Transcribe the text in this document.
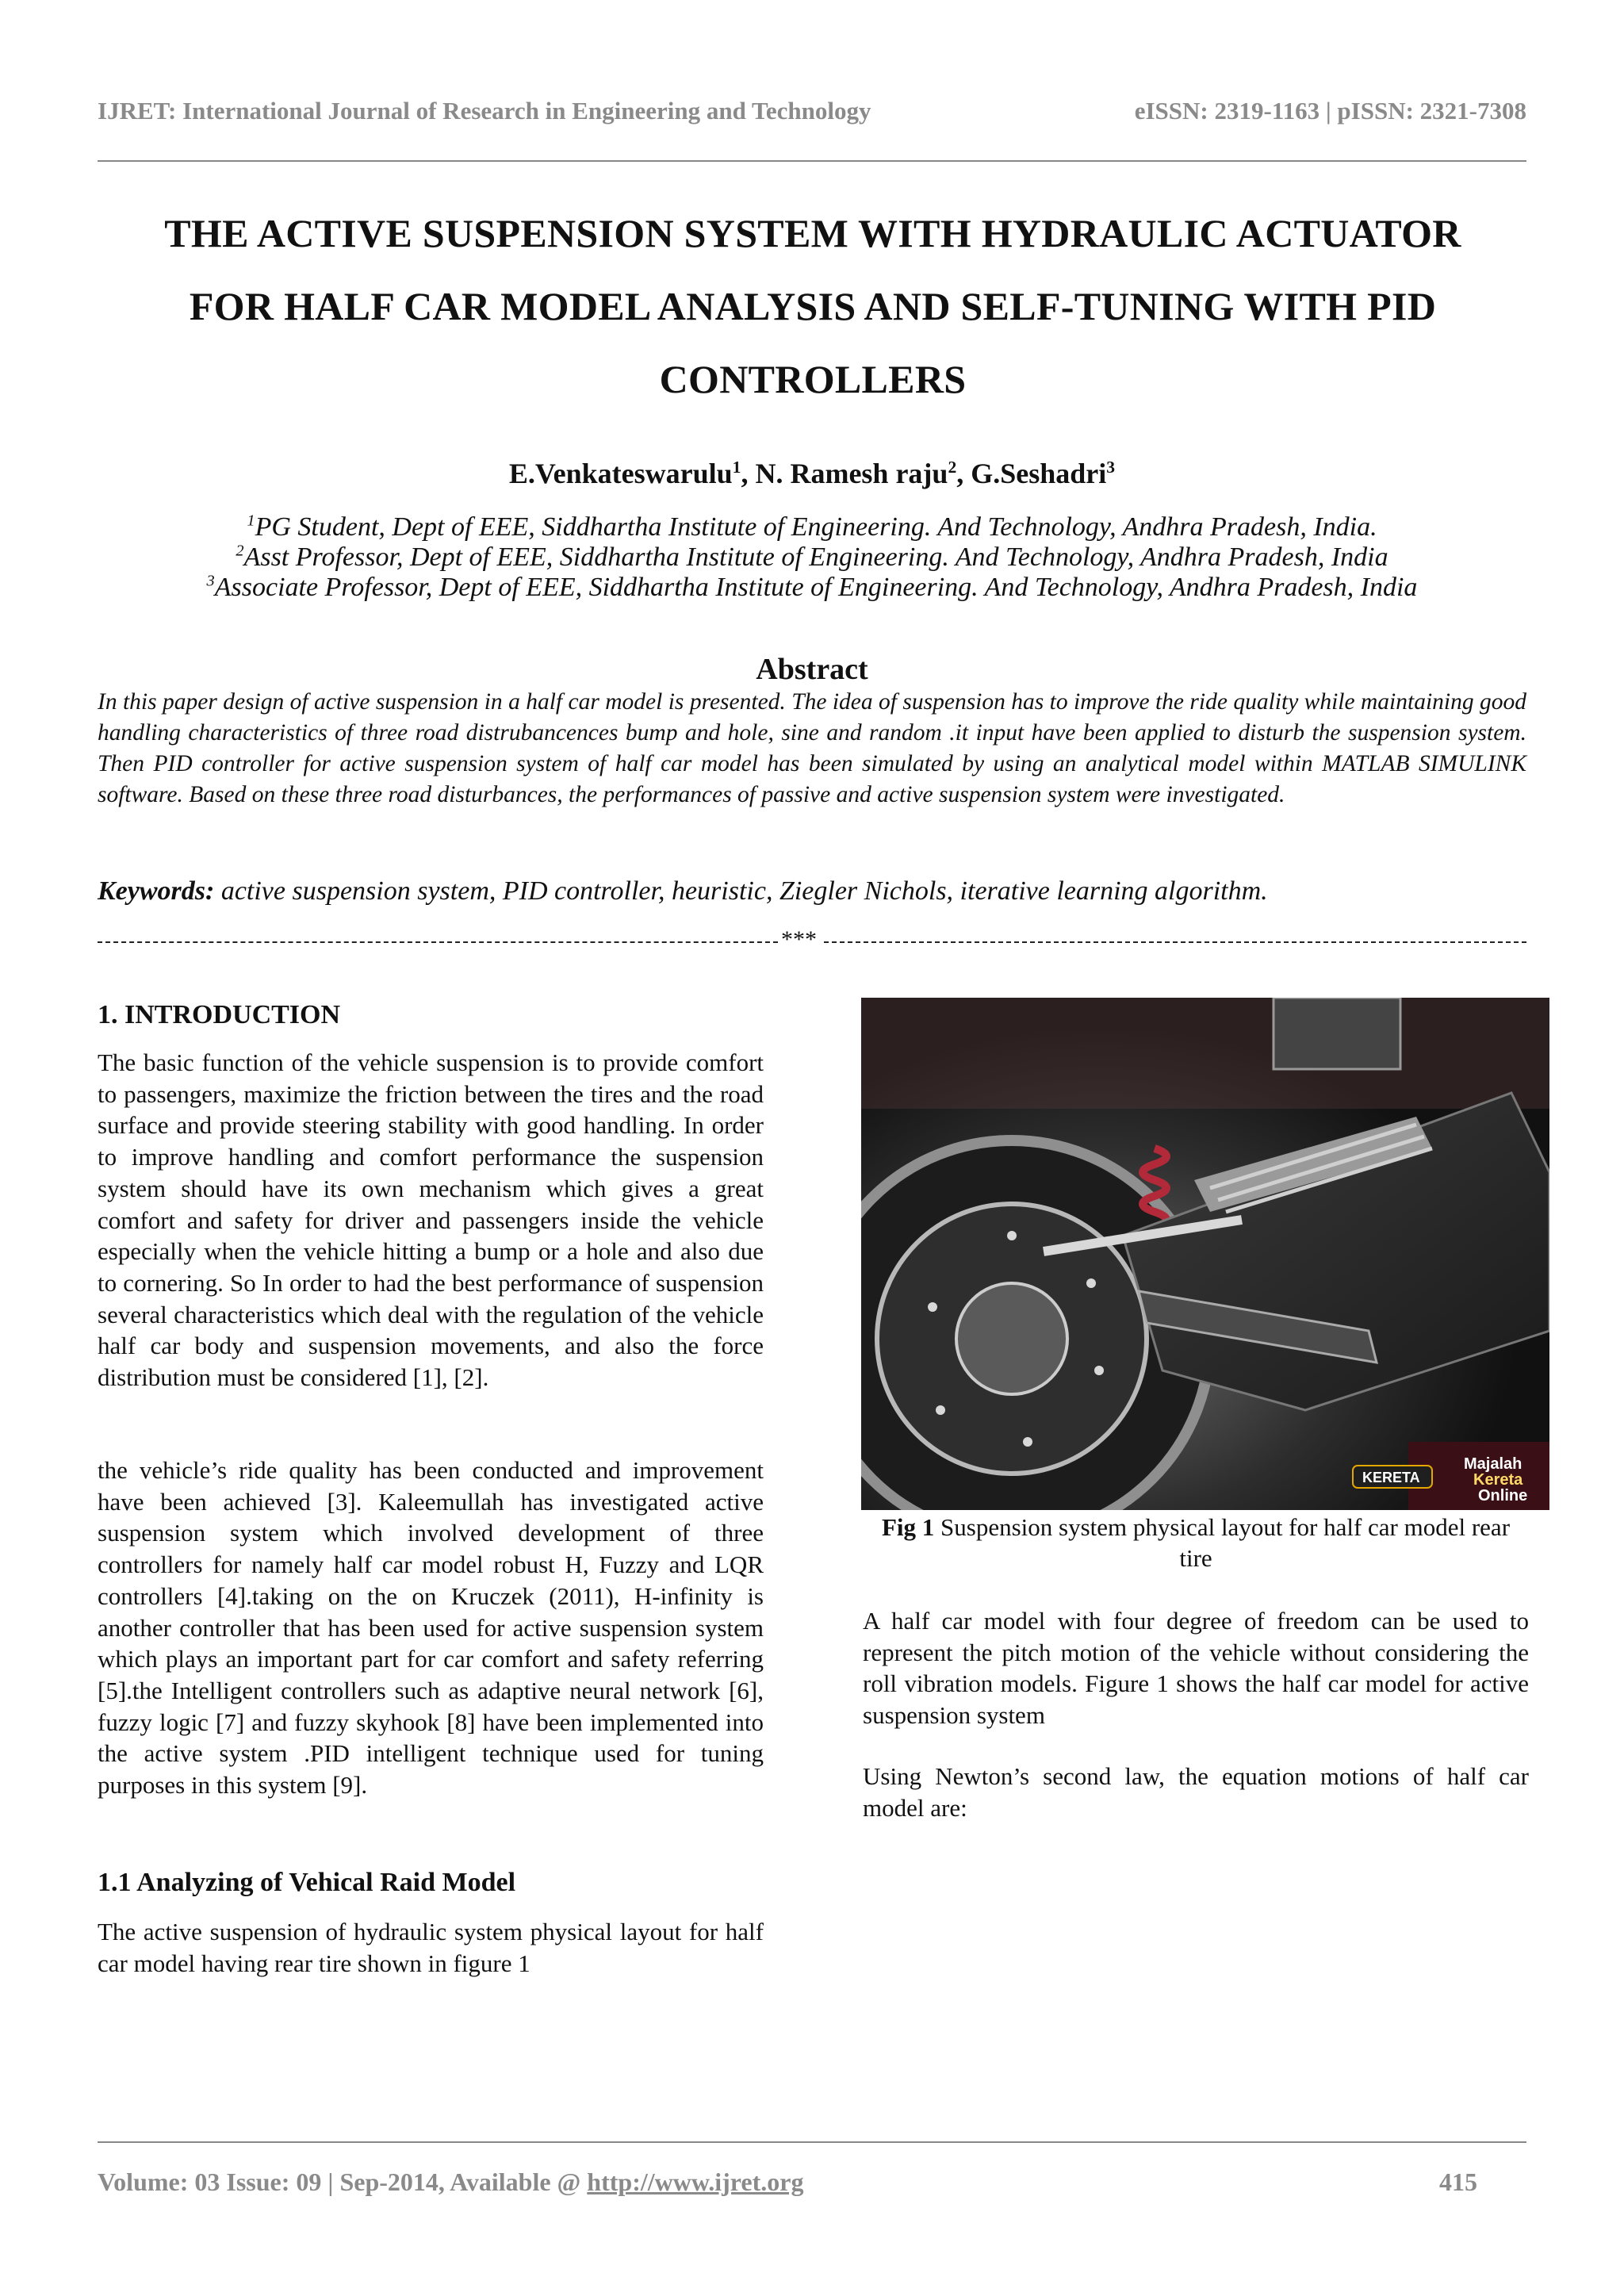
IJRET: International Journal of Research in Engineering and Technology	eISSN: 2319-1163 | pISSN: 2321-7308
THE ACTIVE SUSPENSION SYSTEM WITH HYDRAULIC ACTUATOR
FOR HALF CAR MODEL ANALYSIS AND SELF-TUNING WITH PID
CONTROLLERS
E.Venkateswarulu$^1$, N. Ramesh raju$^2$, G.Seshadri$^3$
$^1$PG Student, Dept of EEE, Siddhartha Institute of Engineering. And Technology, Andhra Pradesh, India.
$^2$Asst Professor, Dept of EEE, Siddhartha Institute of Engineering. And Technology, Andhra Pradesh, India
$^3$Associate Professor, Dept of EEE, Siddhartha Institute of Engineering. And Technology, Andhra Pradesh, India
Abstract
In this paper design of active suspension in a half car model is presented. The idea of suspension has to improve the ride quality while maintaining good handling characteristics of three road distrubancences bump and hole, sine and random .it input have been applied to disturb the suspension system. Then PID controller for active suspension system of half car model has been simulated by using an analytical model within MATLAB SIMULINK software. Based on these three road disturbances, the performances of passive and active suspension system were investigated.
Keywords: active suspension system, PID controller, heuristic, Ziegler Nichols, iterative learning algorithm.
***
1. INTRODUCTION
The basic function of the vehicle suspension is to provide comfort to passengers, maximize the friction between the tires and the road surface and provide steering stability with good handling. In order to improve handling and comfort performance the suspension system should have its own mechanism which gives a great comfort and safety for driver and passengers inside the vehicle especially when the vehicle hitting a bump or a hole and also due to cornering. So In order to had the best performance of suspension several characteristics which deal with the regulation of the vehicle half car body and suspension movements, and also the force distribution must be considered [1], [2].
the vehicle’s ride quality has been conducted and improvement have been achieved [3]. Kaleemullah has investigated active suspension system which involved development of three controllers for namely half car model robust H, Fuzzy and LQR controllers [4].taking on the on Kruczek (2011), H-infinity is another controller that has been used for active suspension system which plays an important part for car comfort and safety referring [5].the Intelligent controllers such as adaptive neural network [6], fuzzy logic [7] and fuzzy skyhook [8] have been implemented into the active system .PID intelligent technique used for tuning purposes in this system [9].
1.1 Analyzing of Vehical Raid Model
The active suspension of hydraulic system physical layout for half car model having rear tire shown in figure 1
Majalah
Kereta
Online
KERETA
Fig 1 Suspension system physical layout for half car model rear tire
A half car model with four degree of freedom can be used to represent the pitch motion of the vehicle without considering the roll vibration models. Figure 1 shows the half car model for active suspension system
Using Newton’s second law, the equation motions of half car model are:
Volume: 03 Issue: 09 | Sep-2014, Available @ http://www.ijret.org	415
